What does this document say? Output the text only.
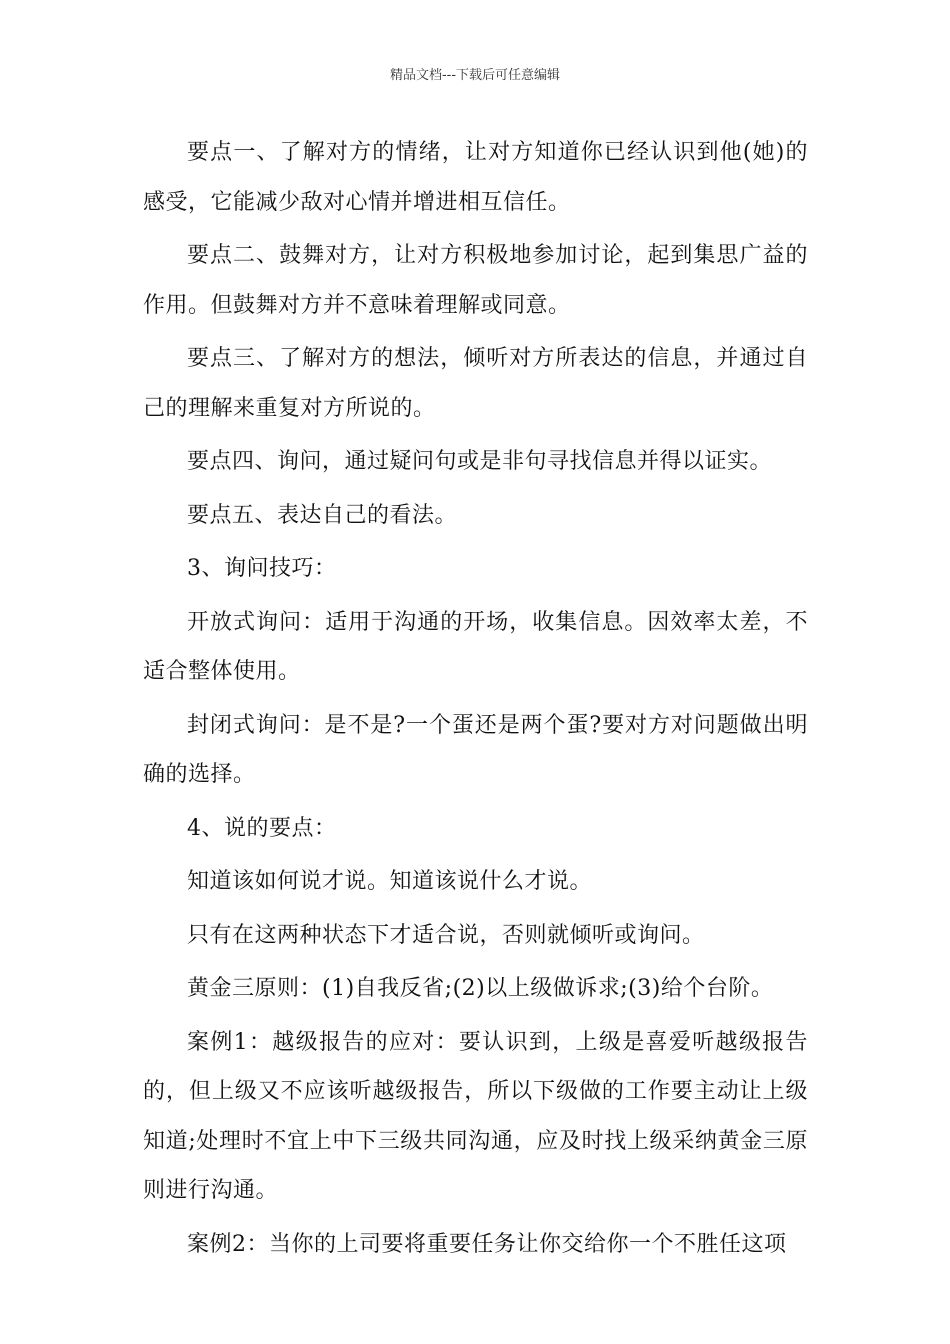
精品文档---下载后可任意编辑

要点一、了解对方的情绪，让对方知道你已经认识到他(她)的感受，它能减少敌对心情并增进相互信任。

要点二、鼓舞对方，让对方积极地参加讨论，起到集思广益的作用。但鼓舞对方并不意味着理解或同意。

要点三、了解对方的想法，倾听对方所表达的信息，并通过自己的理解来重复对方所说的。

要点四、询问，通过疑问句或是非句寻找信息并得以证实。

要点五、表达自己的看法。

3、询问技巧：

开放式询问：适用于沟通的开场，收集信息。因效率太差，不适合整体使用。

封闭式询问：是不是?一个蛋还是两个蛋?要对方对问题做出明确的选择。

4、说的要点：

知道该如何说才说。知道该说什么才说。

只有在这两种状态下才适合说，否则就倾听或询问。

黄金三原则：(1)自我反省;(2)以上级做诉求;(3)给个台阶。

案例1：越级报告的应对：要认识到，上级是喜爱听越级报告的，但上级又不应该听越级报告，所以下级做的工作要主动让上级知道;处理时不宜上中下三级共同沟通，应及时找上级采纳黄金三原则进行沟通。

案例2：当你的上司要将重要任务让你交给你一个不胜任这项
